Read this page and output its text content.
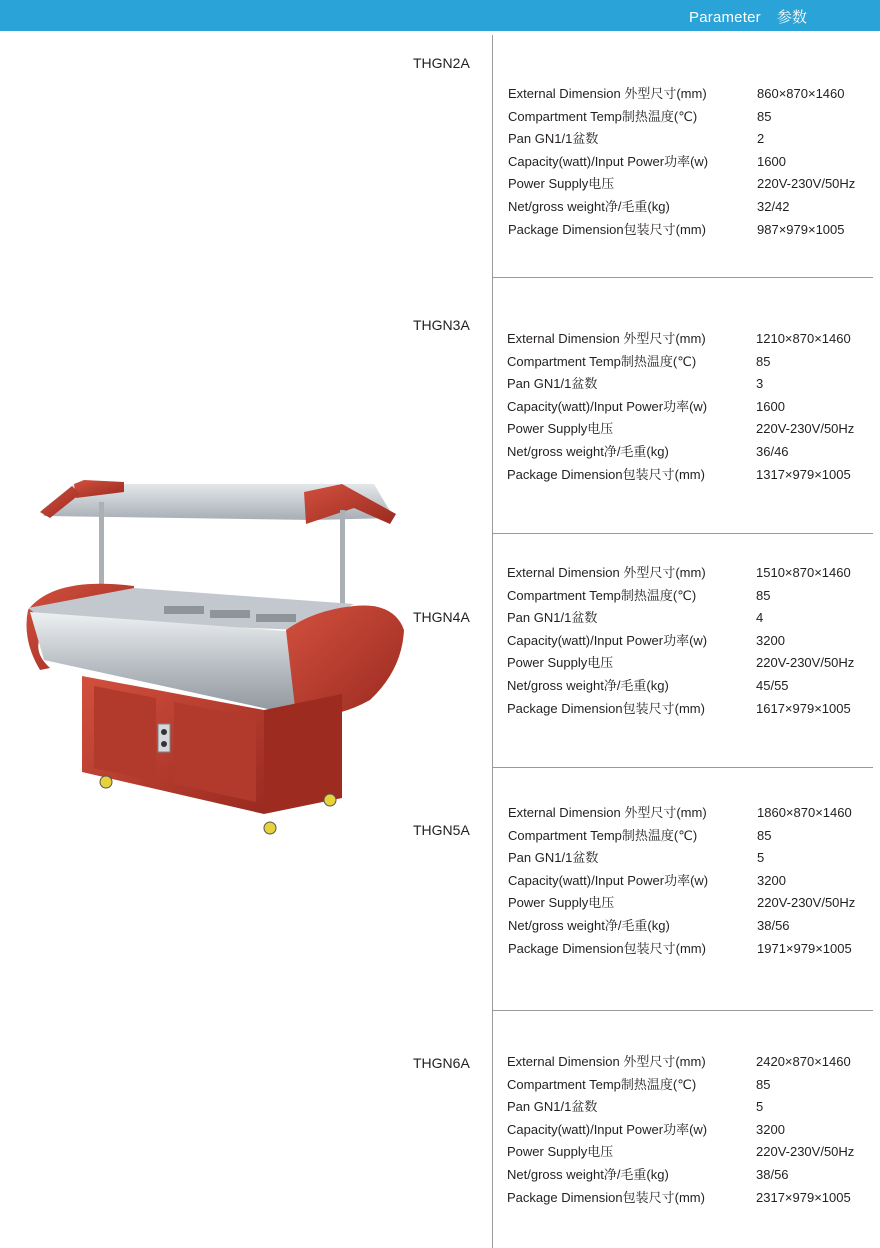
Parameter 参数
THGN2A
External Dimension 外型尺寸(mm)	860×870×1460
Compartment Temp制热温度(℃)	85
Pan GN1/1盆数	2
Capacity(watt)/Input Power功率(w)	1600
Power Supply电压	220V-230V/50Hz
Net/gross weight净/毛重(kg)	32/42
Package Dimension包装尺寸(mm)	987×979×1005
THGN3A
External Dimension 外型尺寸(mm)	1210×870×1460
Compartment Temp制热温度(℃)	85
Pan GN1/1盆数	3
Capacity(watt)/Input Power功率(w)	1600
Power Supply电压	220V-230V/50Hz
Net/gross weight净/毛重(kg)	36/46
Package Dimension包装尺寸(mm)	1317×979×1005
THGN4A
External Dimension 外型尺寸(mm)	1510×870×1460
Compartment Temp制热温度(℃)	85
Pan GN1/1盆数	4
Capacity(watt)/Input Power功率(w)	3200
Power Supply电压	220V-230V/50Hz
Net/gross weight净/毛重(kg)	45/55
Package Dimension包装尺寸(mm)	1617×979×1005
THGN5A
External Dimension 外型尺寸(mm)	1860×870×1460
Compartment Temp制热温度(℃)	85
Pan GN1/1盆数	5
Capacity(watt)/Input Power功率(w)	3200
Power Supply电压	220V-230V/50Hz
Net/gross weight净/毛重(kg)	38/56
Package Dimension包装尺寸(mm)	1971×979×1005
THGN6A	External Dimension 外型尺寸(mm)	2420×870×1460
Compartment Temp制热温度(℃)	85
Pan GN1/1盆数	5
Capacity(watt)/Input Power功率(w)	3200
Power Supply电压	220V-230V/50Hz
Net/gross weight净/毛重(kg)	38/56
Package Dimension包装尺寸(mm)	2317×979×1005
